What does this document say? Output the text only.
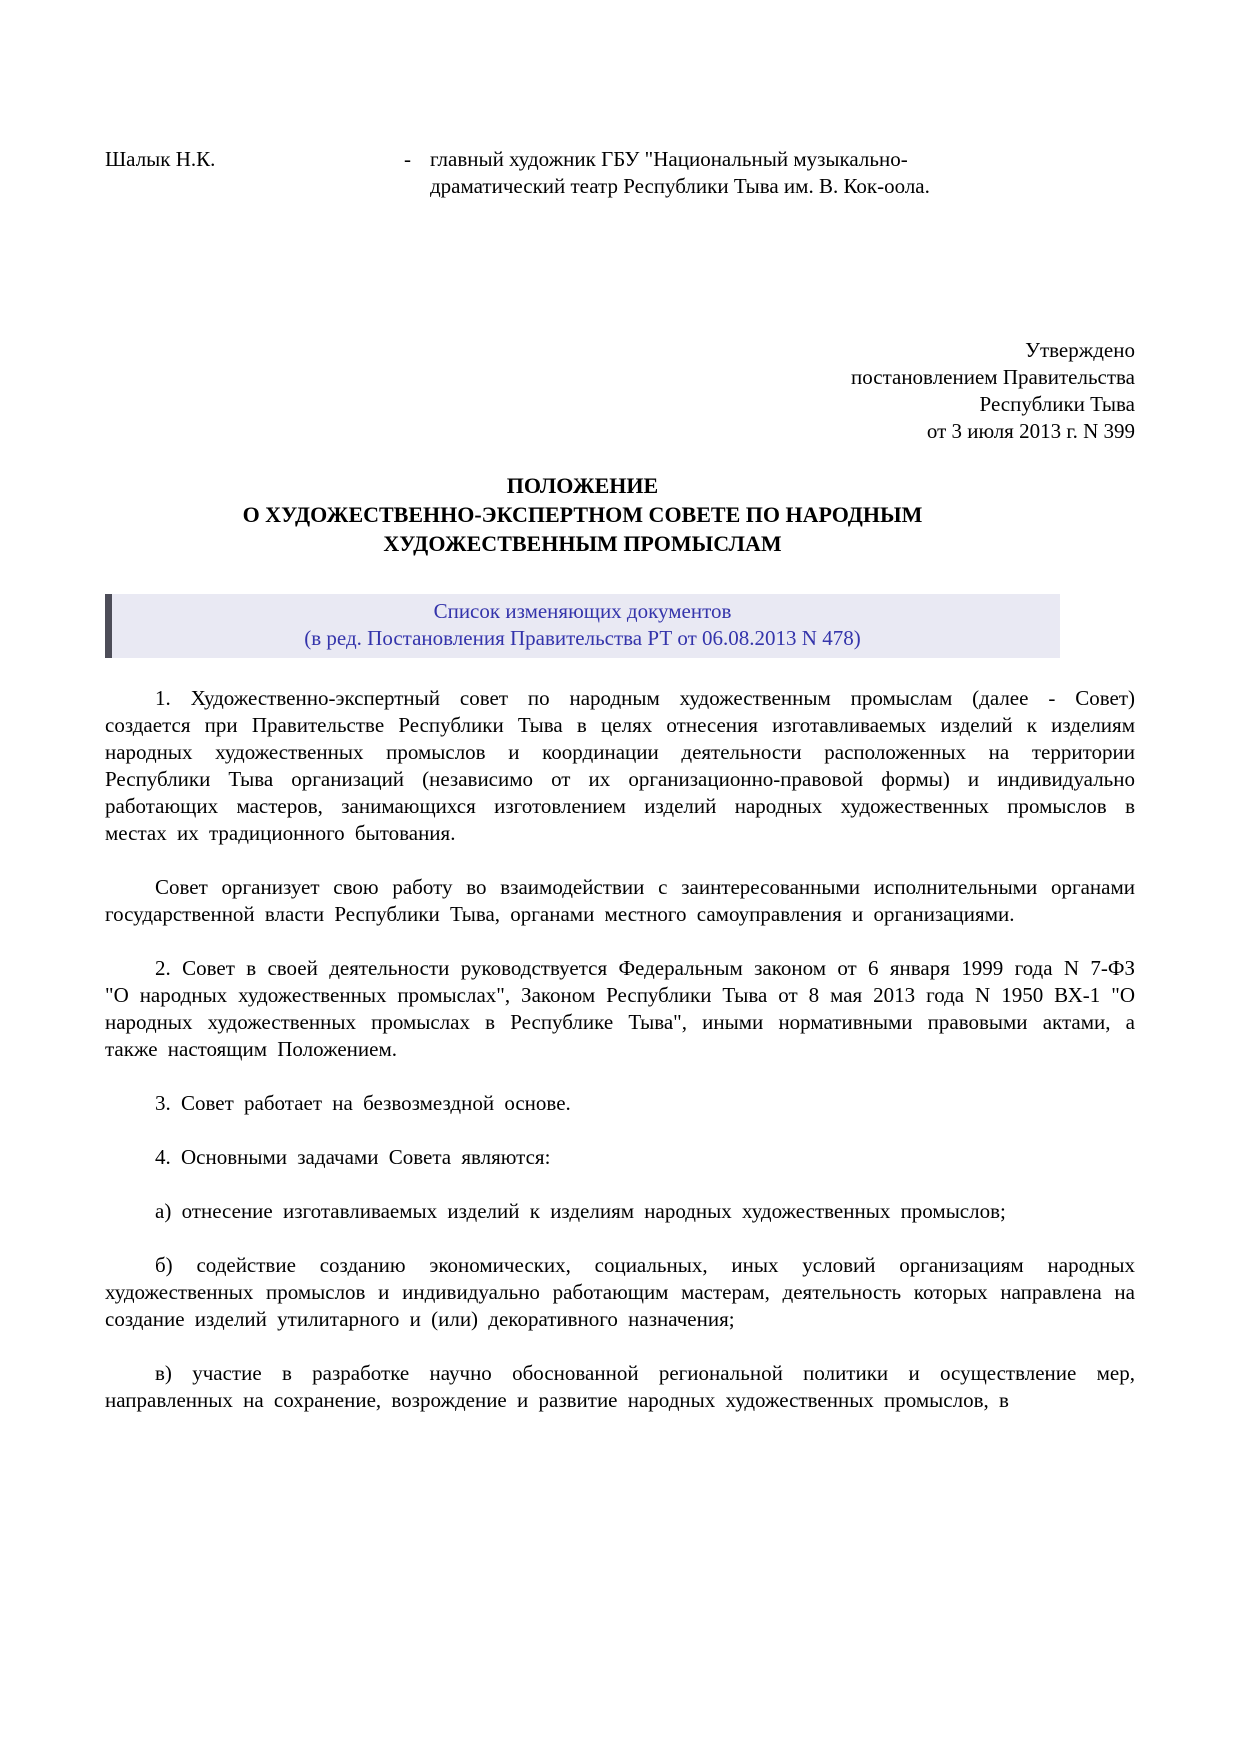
Шалык Н.К.	- главный художник ГБУ "Национальный музыкально-драматический театр Республики Тыва им. В. Кок-оола.
Утверждено
постановлением Правительства
Республики Тыва
от 3 июля 2013 г. N 399
ПОЛОЖЕНИЕ
О ХУДОЖЕСТВЕННО-ЭКСПЕРТНОМ СОВЕТЕ ПО НАРОДНЫМ
ХУДОЖЕСТВЕННЫМ ПРОМЫСЛАМ
Список изменяющих документов
(в ред. Постановления Правительства РТ от 06.08.2013 N 478)

1. Художественно-экспертный совет по народным художественным промыслам (далее - Совет) создается при Правительстве Республики Тыва в целях отнесения изготавливаемых изделий к изделиям народных художественных промыслов и координации деятельности расположенных на территории Республики Тыва организаций (независимо от их организационно-правовой формы) и индивидуально работающих мастеров, занимающихся изготовлением изделий народных художественных промыслов в местах их традиционного бытования.

Совет организует свою работу во взаимодействии с заинтересованными исполнительными органами государственной власти Республики Тыва, органами местного самоуправления и организациями.

2. Совет в своей деятельности руководствуется Федеральным законом от 6 января 1999 года N 7-ФЗ "О народных художественных промыслах", Законом Республики Тыва от 8 мая 2013 года N 1950 ВХ-1 "О народных художественных промыслах в Республике Тыва", иными нормативными правовыми актами, а также настоящим Положением.

3. Совет работает на безвозмездной основе.

4. Основными задачами Совета являются:

а) отнесение изготавливаемых изделий к изделиям народных художественных промыслов;

б) содействие созданию экономических, социальных, иных условий организациям народных художественных промыслов и индивидуально работающим мастерам, деятельность которых направлена на создание изделий утилитарного и (или) декоративного назначения;

в) участие в разработке научно обоснованной региональной политики и осуществление мер, направленных на сохранение, возрождение и развитие народных художественных промыслов, в
